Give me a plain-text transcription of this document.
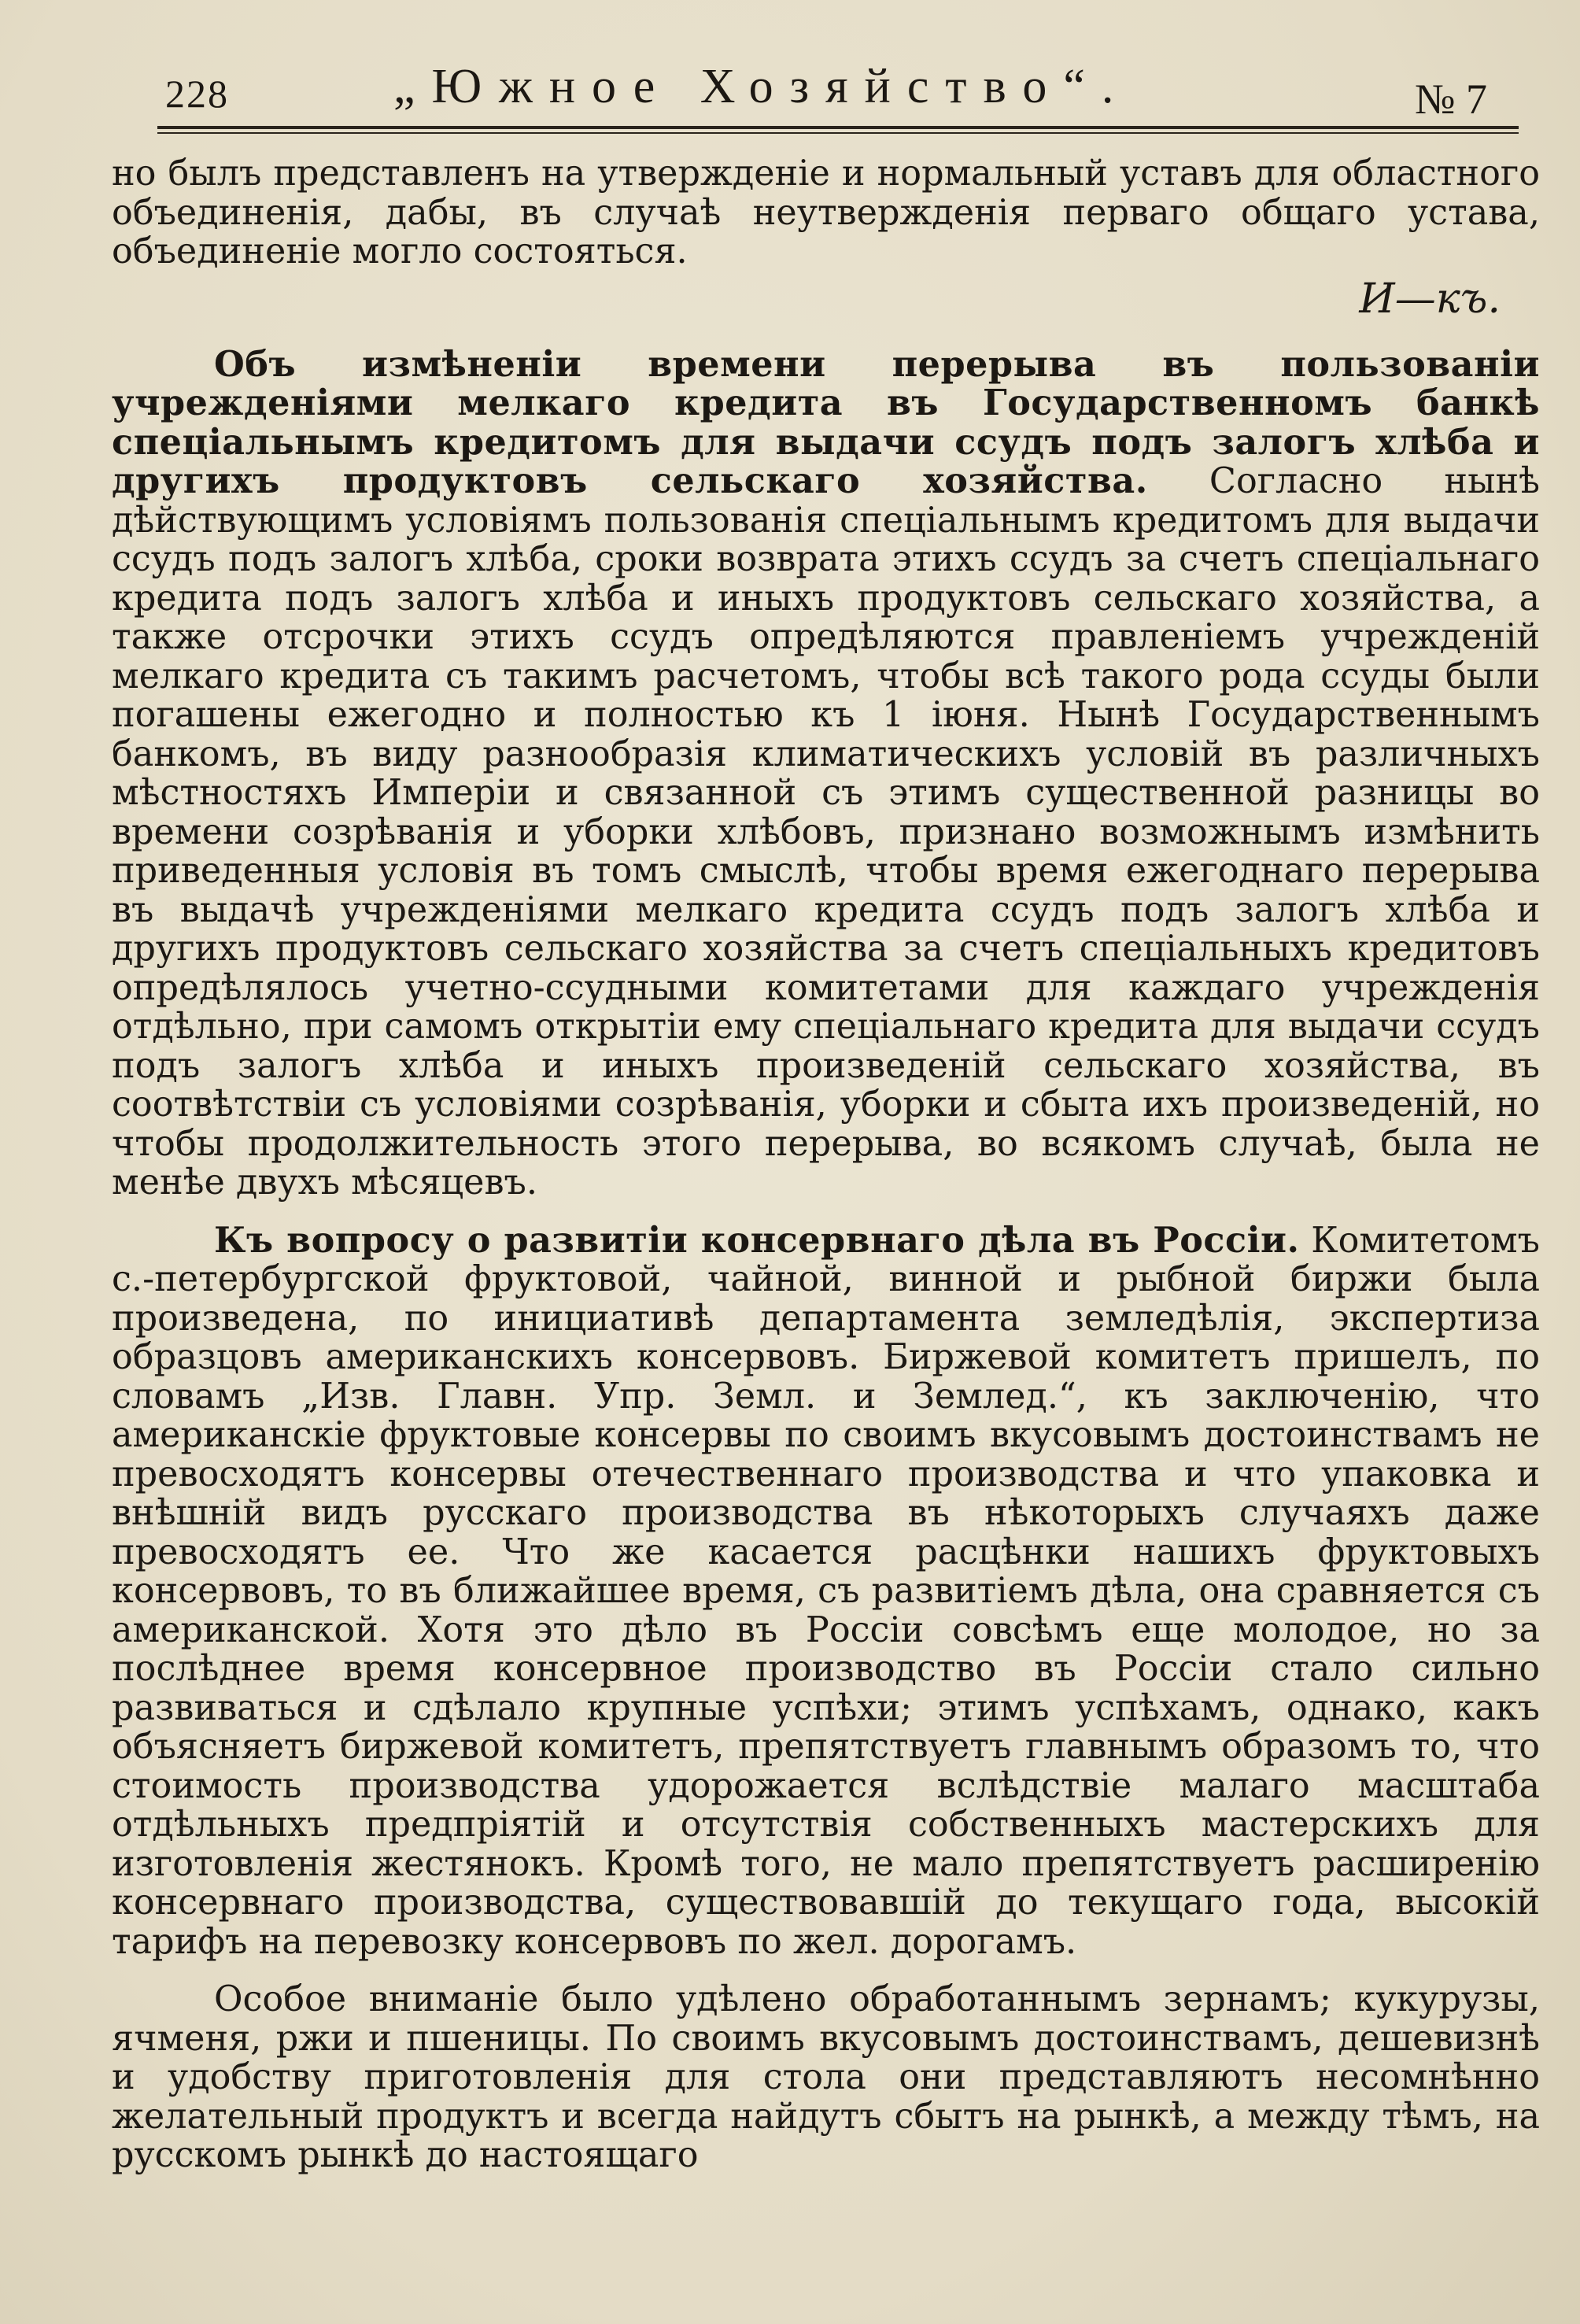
228	„Южное Хозяйство“.	№ 7

но былъ представленъ на утвержденіе и нормальный уставъ для областного объединенія, дабы, въ случаѣ неутвержденія перваго общаго устава, объединеніе могло состояться.

И—къ.

Объ измѣненіи времени перерыва въ пользованіи учрежденіями мелкаго кредита въ Государственномъ банкѣ спеціальнымъ кредитомъ для выдачи ссудъ подъ залогъ хлѣба и другихъ продуктовъ сельскаго хозяйства. Согласно нынѣ дѣйствующимъ условіямъ пользованія спеціальнымъ кредитомъ для выдачи ссудъ подъ залогъ хлѣба, сроки возврата этихъ ссудъ за счетъ спеціальнаго кредита подъ залогъ хлѣба и иныхъ продуктовъ сельскаго хозяйства, а также отсрочки этихъ ссудъ опредѣляются правленіемъ учрежденій мелкаго кредита съ такимъ расчетомъ, чтобы всѣ такого рода ссуды были погашены ежегодно и полностью къ 1 іюня. Нынѣ Государственнымъ банкомъ, въ виду разнообразія климатическихъ условій въ различныхъ мѣстностяхъ Имперіи и связанной съ этимъ существенной разницы во времени созрѣванія и уборки хлѣбовъ, признано возможнымъ измѣнить приведенныя условія въ томъ смыслѣ, чтобы время ежегоднаго перерыва въ выдачѣ учрежденіями мелкаго кредита ссудъ подъ залогъ хлѣба и другихъ продуктовъ сельскаго хозяйства за счетъ спеціальныхъ кредитовъ опредѣлялось учетно-ссудными комитетами для каждаго учрежденія отдѣльно, при самомъ открытіи ему спеціальнаго кредита для выдачи ссудъ подъ залогъ хлѣба и иныхъ произведеній сельскаго хозяйства, въ соотвѣтствіи съ условіями созрѣванія, уборки и сбыта ихъ произведеній, но чтобы продолжительность этого перерыва, во всякомъ случаѣ, была не менѣе двухъ мѣсяцевъ.

Къ вопросу о развитіи консервнаго дѣла въ Россіи. Комитетомъ с.-петербургской фруктовой, чайной, винной и рыбной биржи была произведена, по инициативѣ департамента земледѣлія, экспертиза образцовъ американскихъ консервовъ. Биржевой комитетъ пришелъ, по словамъ „Изв. Главн. Упр. Земл. и Землед.“, къ заключенію, что американскіе фруктовые консервы по своимъ вкусовымъ достоинствамъ не превосходятъ консервы отечественнаго производства и что упаковка и внѣшній видъ русскаго производства въ нѣкоторыхъ случаяхъ даже превосходятъ ее. Что же касается расцѣнки нашихъ фруктовыхъ консервовъ, то въ ближайшее время, съ развитіемъ дѣла, она сравняется съ американской. Хотя это дѣло въ Россіи совсѣмъ еще молодое, но за послѣднее время консервное производство въ Россіи стало сильно развиваться и сдѣлало крупные успѣхи; этимъ успѣхамъ, однако, какъ объясняетъ биржевой комитетъ, препятствуетъ главнымъ образомъ то, что стоимость производства удорожается вслѣдствіе малаго масштаба отдѣльныхъ предпріятій и отсутствія собственныхъ мастерскихъ для изготовленія жестянокъ. Кромѣ того, не мало препятствуетъ расширенію консервнаго производства, существовавшій до текущаго года, высокій тарифъ на перевозку консервовъ по жел. дорогамъ.

Особое вниманіе было удѣлено обработаннымъ зернамъ; кукурузы, ячменя, ржи и пшеницы. По своимъ вкусовымъ достоинствамъ, дешевизнѣ и удобству приготовленія для стола они представляютъ несомнѣнно желательный продуктъ и всегда найдутъ сбытъ на рынкѣ, а между тѣмъ, на русскомъ рынкѣ до настоящаго
